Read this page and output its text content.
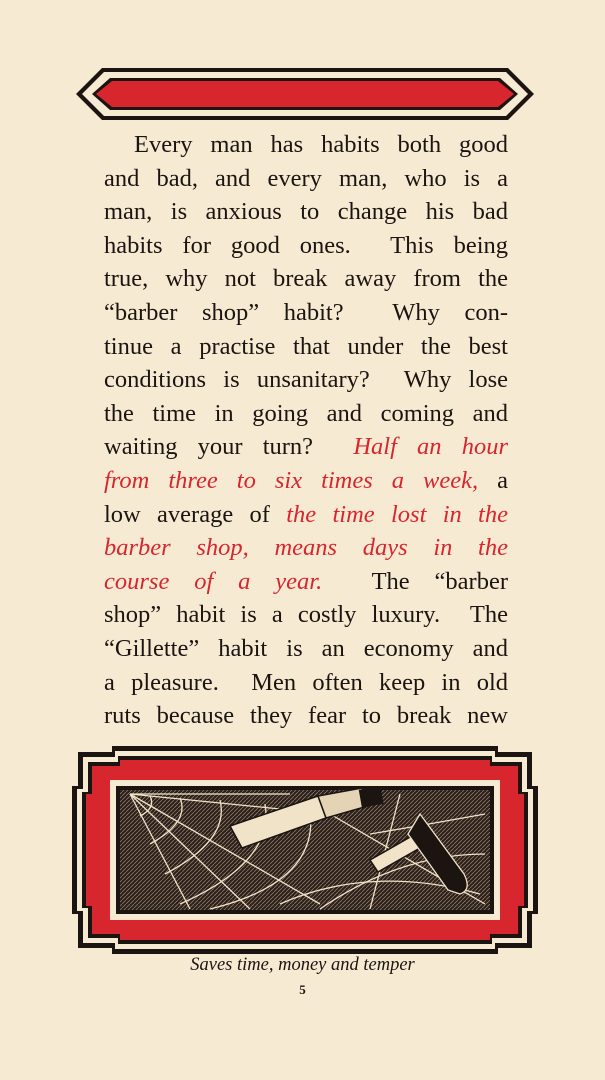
Every man has habits both good
and bad, and every man, who is a
man, is anxious to change his bad
habits for good ones.  This being
true, why not break away from the
“barber shop” habit?  Why con-
tinue a practise that under the best
conditions is unsanitary?  Why lose
the time in going and coming and
waiting your turn?  Half an hour
from three to six times a week, a
low average of the time lost in the
barber shop, means days in the
course of a year.  The “barber
shop” habit is a costly luxury.  The
“Gillette” habit is an economy and
a pleasure.  Men often keep in old
ruts because they fear to break new
Saves time, money and temper
5
